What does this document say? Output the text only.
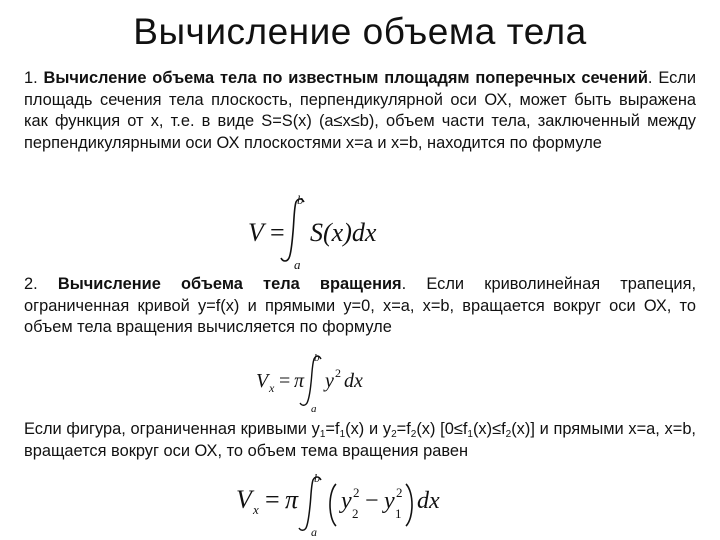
Вычисление объема тела

1. Вычисление объема тела по известным площадям поперечных сечений. Если площадь сечения тела плоскость, перпендикулярной оси ОХ, может быть выражена как функция от х, т.е. в виде S=S(x) (a≤x≤b), объем части тела, заключенный между перпендикулярными оси ОХ плоскостями х=а и х=b, находится по формуле

V =
b
a
S(x)dx

2. Вычисление объема тела вращения. Если криволинейная трапеция, ограниченная кривой y=f(x) и прямыми y=0, x=a, x=b, вращается вокруг оси ОХ, то объем тела вращения вычисляется по формуле

V x = π
b
a
y 2 dx

Если фигура, ограниченная кривыми $y_1=f_1(x)$ и $y_2=f_2(x)$ $[0\le f_1(x)\le f_2(x)]$ и прямыми x=a, x=b, вращается вокруг оси ОХ, то объем тема вращения равен

V x = π
b
a
y 2
2 − y 2
1 dx
